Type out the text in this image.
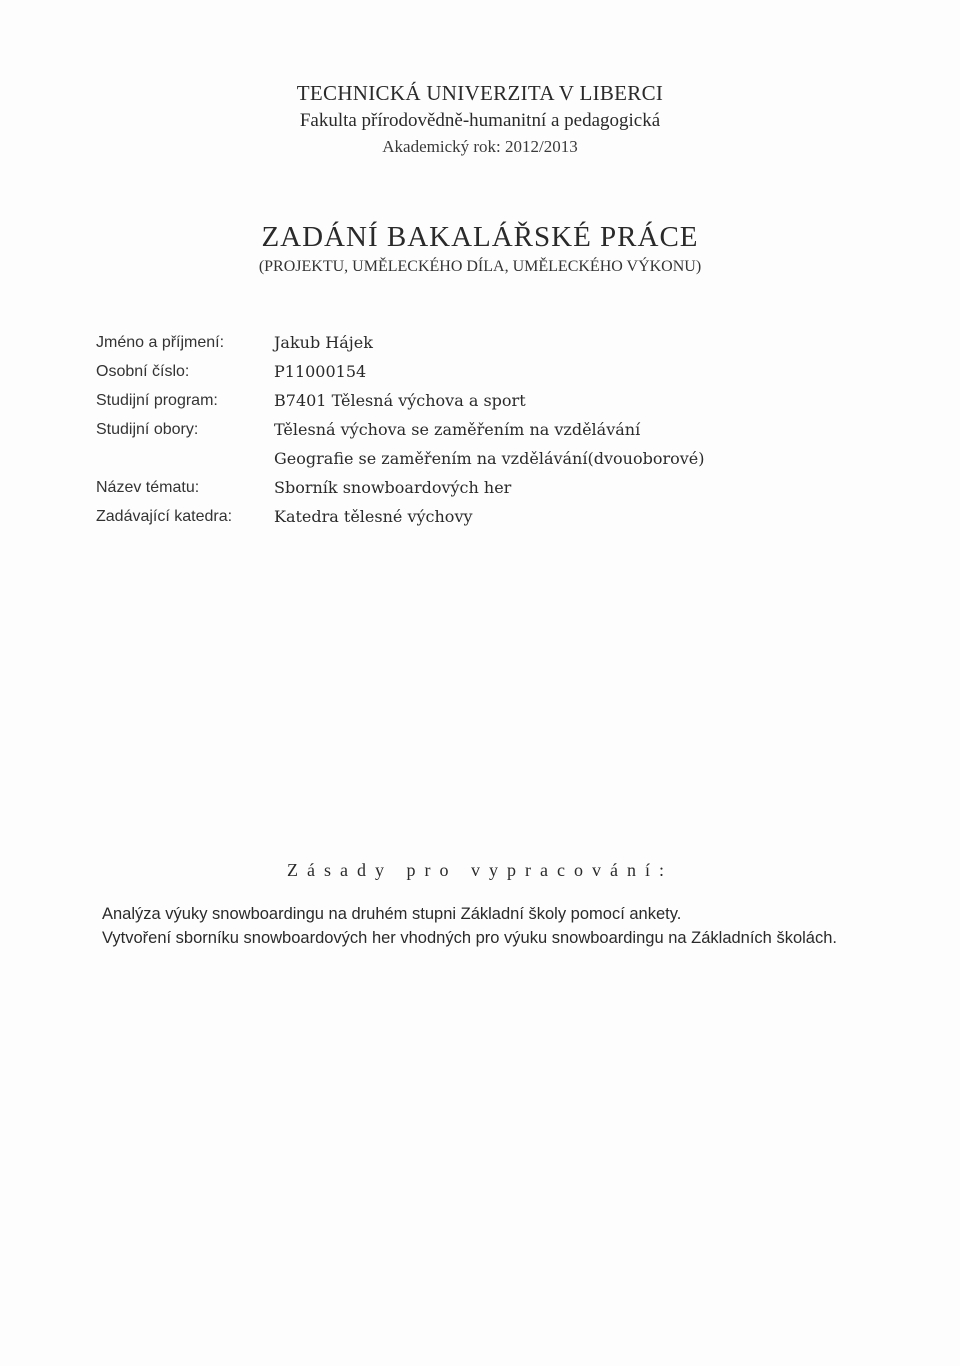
TECHNICKÁ UNIVERZITA V LIBERCI
Fakulta přírodovědně-humanitní a pedagogická
Akademický rok: 2012/2013
ZADÁNÍ BAKALÁŘSKÉ PRÁCE
(PROJEKTU, UMĚLECKÉHO DÍLA, UMĚLECKÉHO VÝKONU)
Jméno a příjmení:	Jakub Hájek
Osobní číslo:	P11000154
Studijní program:	B7401 Tělesná výchova a sport
Studijní obory:	Tělesná výchova se zaměřením na vzdělávání
	Geografie se zaměřením na vzdělávání(dvouoborové)
Název tématu:	Sborník snowboardových her
Zadávající katedra:	Katedra tělesné výchovy
Zásady pro vypracování:

Analýza výuky snowboardingu na druhém stupni Základní školy pomocí ankety.

Vytvoření sborníku snowboardových her vhodných pro výuku snowboardingu na Základních školách.
